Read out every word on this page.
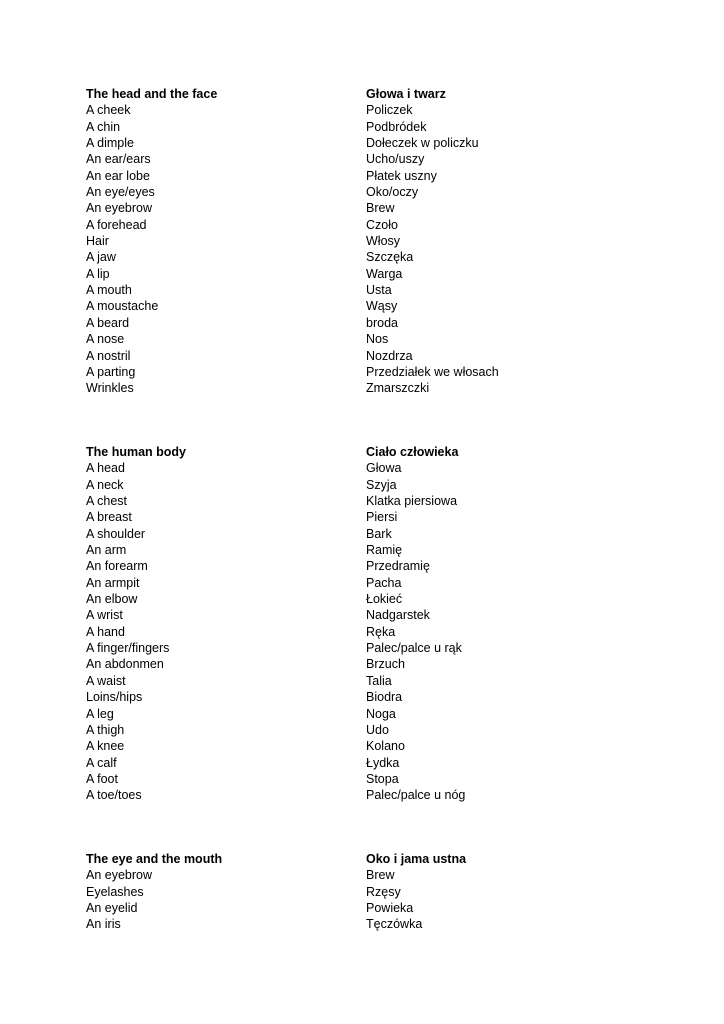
The head and the face	Głowa i twarz
A cheek	Policzek
A chin	Podbródek
A dimple	Dołeczek w policzku
An ear/ears	Ucho/uszy
An ear lobe	Płatek uszny
An eye/eyes	Oko/oczy
An eyebrow	Brew
A forehead	Czoło
Hair	Włosy
A jaw	Szczęka
A lip	Warga
A mouth	Usta
A moustache	Wąsy
A beard	broda
A nose	Nos
A nostril	Nozdrza
A parting	Przedziałek we włosach
Wrinkles	Zmarszczki
The human body	Ciało człowieka
A head	Głowa
A neck	Szyja
A chest	Klatka piersiowa
A breast	Piersi
A shoulder	Bark
An arm	Ramię
An forearm	Przedramię
An armpit	Pacha
An elbow	Łokieć
A wrist	Nadgarstek
A hand	Ręka
A finger/fingers	Palec/palce u rąk
An abdonmen	Brzuch
A waist	Talia
Loins/hips	Biodra
A leg	Noga
A thigh	Udo
A knee	Kolano
A calf	Łydka
A foot	Stopa
A toe/toes	Palec/palce u nóg
The eye and the mouth	Oko i jama ustna
An eyebrow	Brew
Eyelashes	Rzęsy
An eyelid	Powieka
An iris	Tęczówka
